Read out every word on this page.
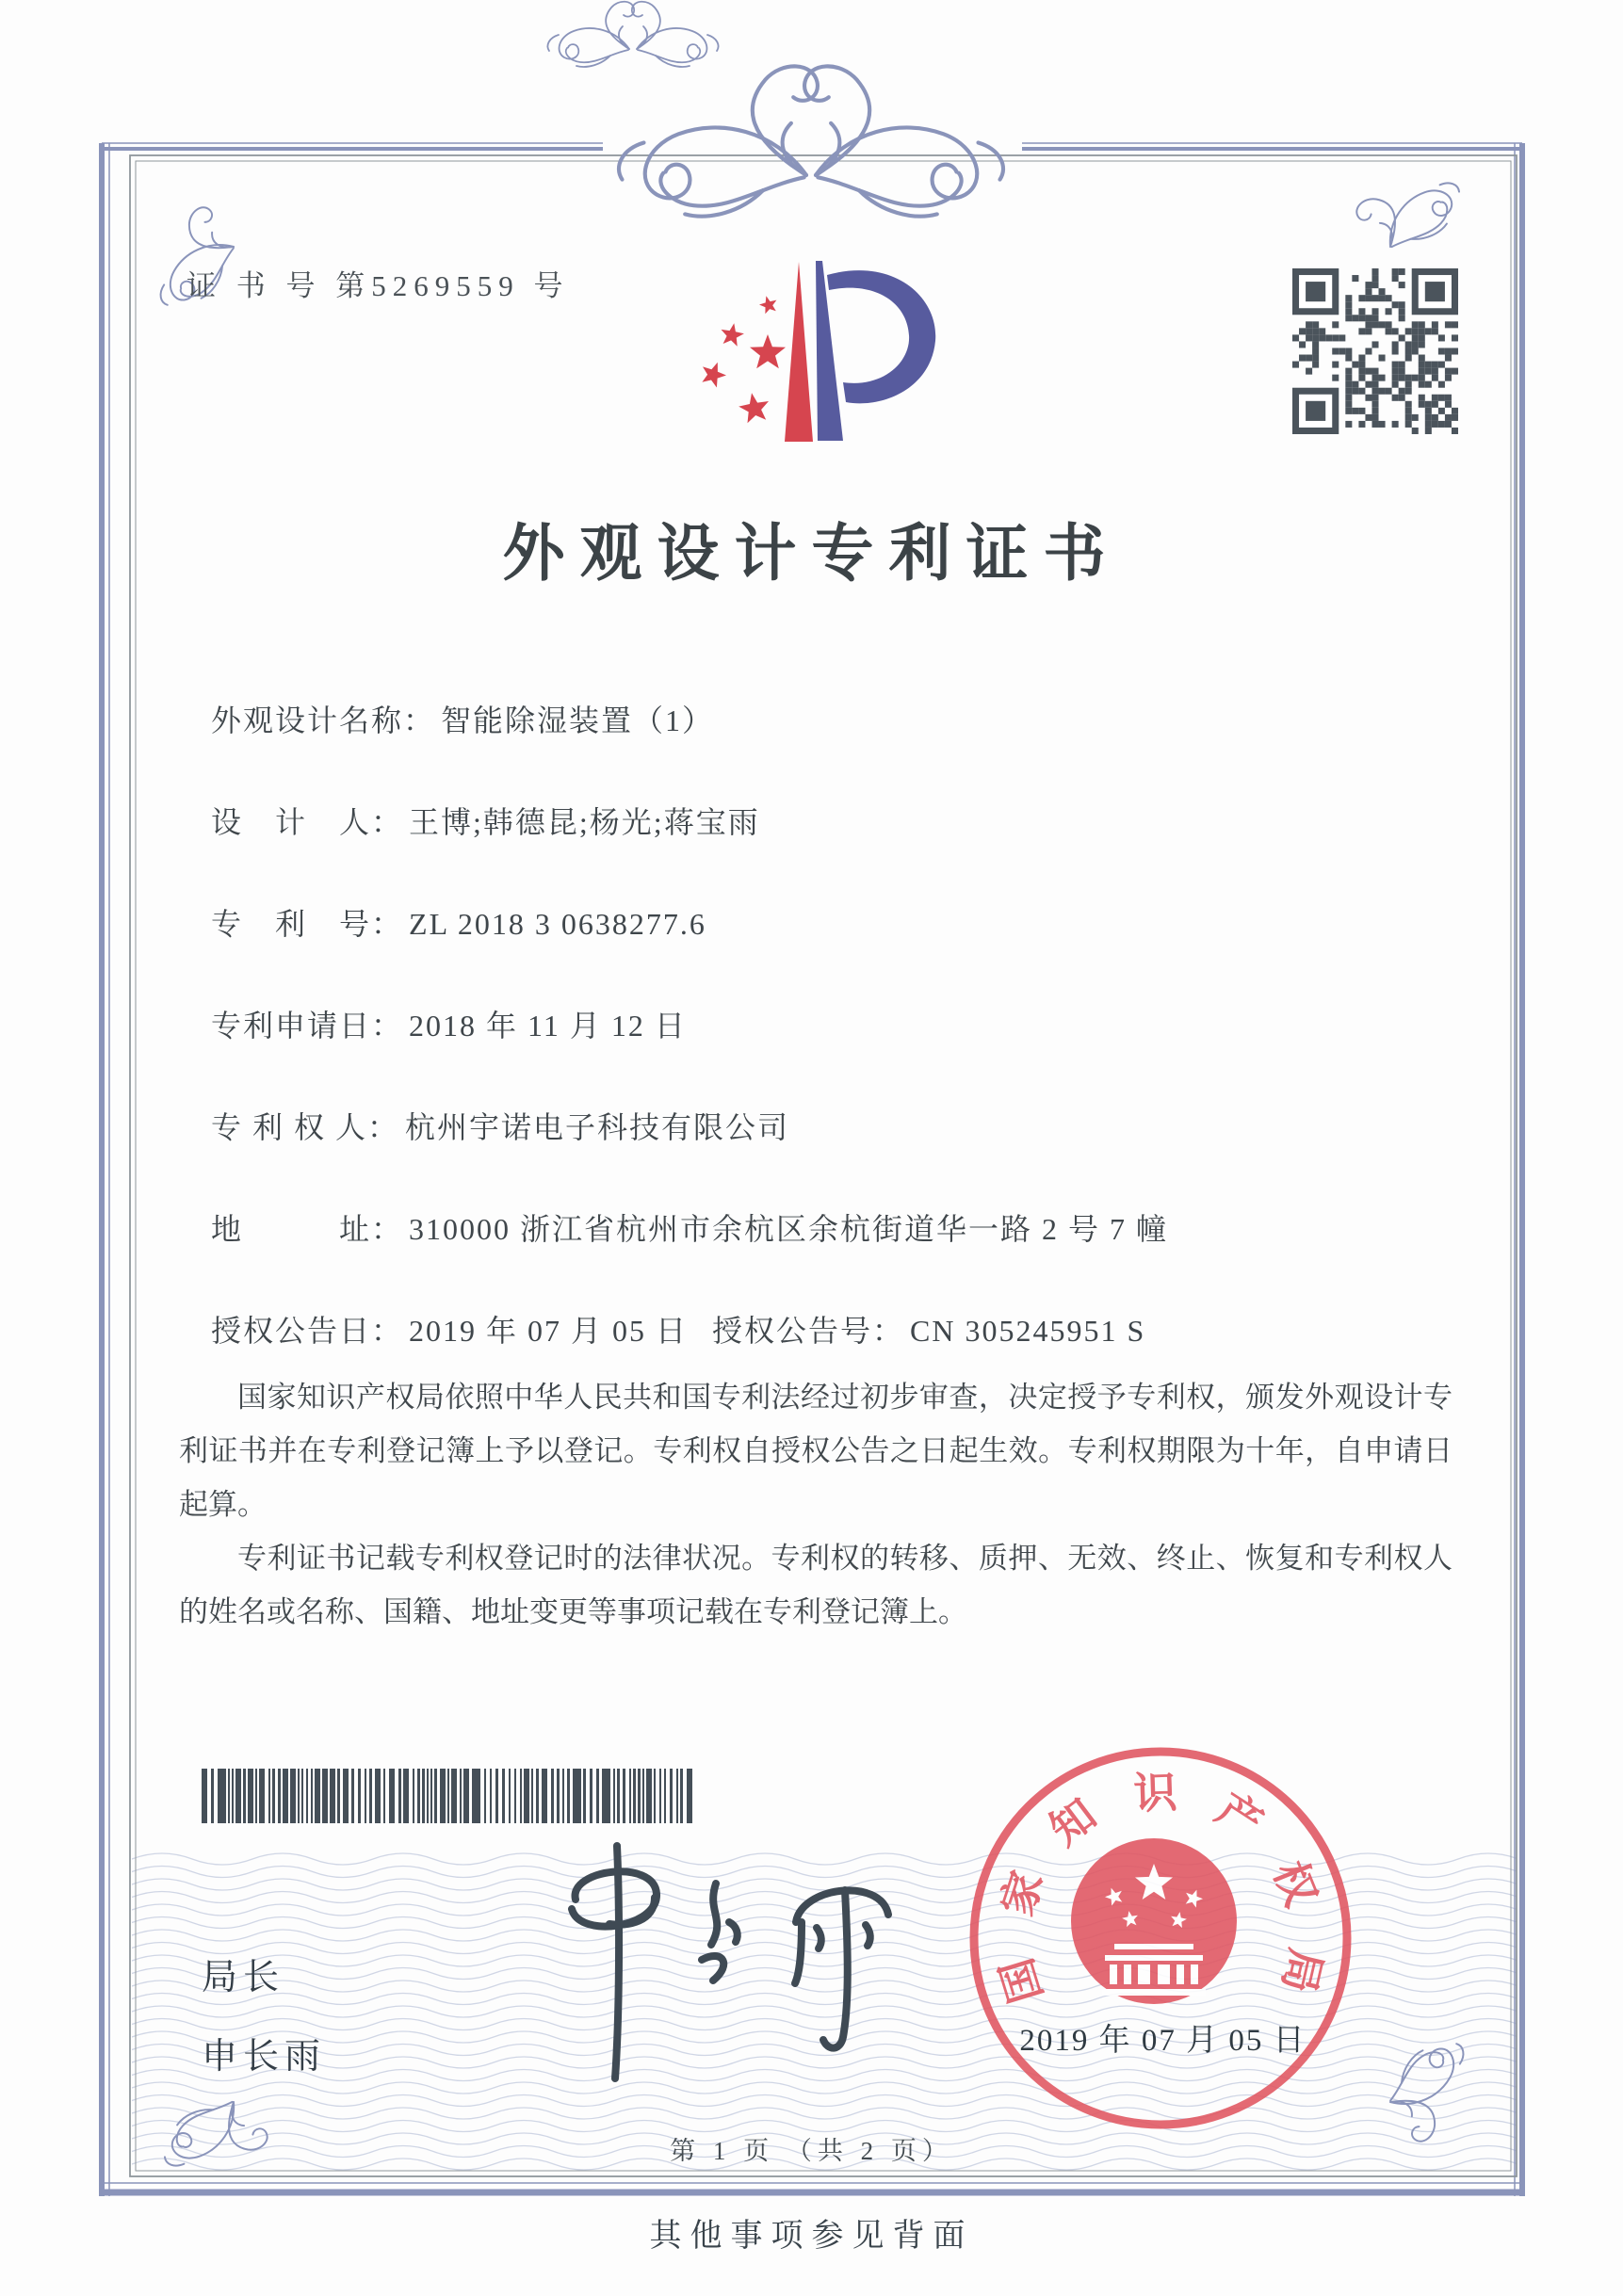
证 书 号 第5269559 号
外观设计专利证书
外观设计名称： 智能除湿装置（1）
设　计　人： 王博;韩德昆;杨光;蒋宝雨
专　利　号： ZL 2018 3 0638277.6
专利申请日： 2018 年 11 月 12 日
专 利 权 人： 杭州宇诺电子科技有限公司
地　　　址： 310000 浙江省杭州市余杭区余杭街道华一路 2 号 7 幢
授权公告日： 2019 年 07 月 05 日 授权公告号： CN 305245951 S

国家知识产权局依照中华人民共和国专利法经过初步审查，决定授予专利权，颁发外观设计专利证书并在专利登记簿上予以登记。专利权自授权公告之日起生效。专利权期限为十年，自申请日起算。

专利证书记载专利权登记时的法律状况。专利权的转移、质押、无效、终止、恢复和专利权人的姓名或名称、国籍、地址变更等事项记载在专利登记簿上。

局长
申长雨
国
家
知 识 产
权
局
2019 年 07 月 05 日
第 1 页 （共 2 页）
其他事项参见背面
